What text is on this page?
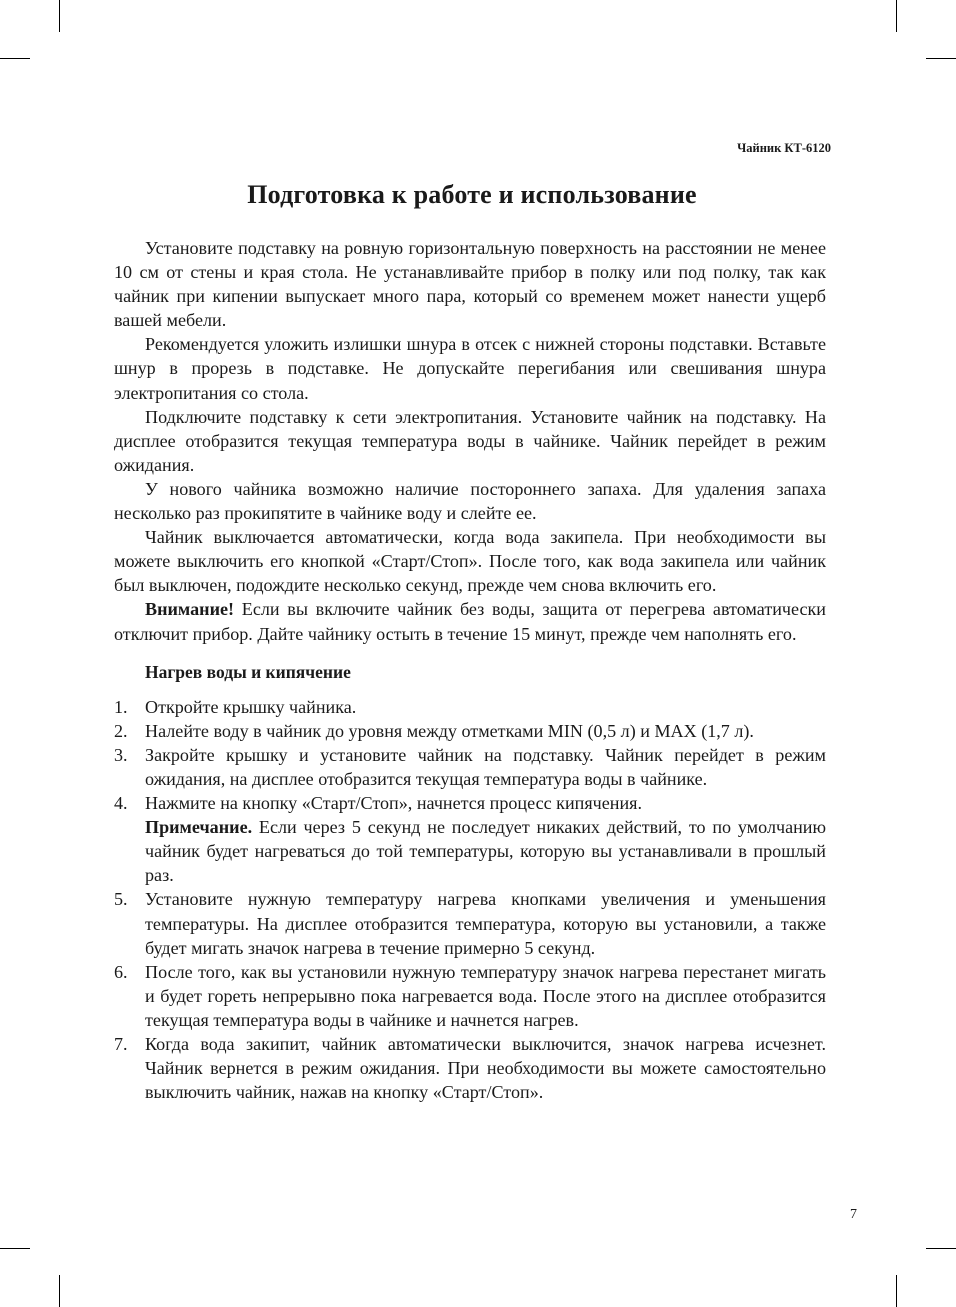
Чайник КТ-6120
Подготовка к работе и использование

Установите подставку на ровную горизонтальную поверхность на расстоянии не менее 10 см от стены и края стола. Не устанавливайте прибор в полку или под полку, так как чайник при кипении выпускает много пара, который со временем может нанести ущерб вашей мебели.

Рекомендуется уложить излишки шнура в отсек с нижней стороны подставки. Вставьте шнур в прорезь в подставке. Не допускайте перегибания или свешивания шнура электропитания со стола.

Подключите подставку к сети электропитания. Установите чайник на подставку. На дисплее отобразится текущая температура воды в чайнике. Чайник перейдет в режим ожидания.

У нового чайника возможно наличие постороннего запаха. Для удаления запаха несколько раз прокипятите в чайнике воду и слейте ее.

Чайник выключается автоматически, когда вода закипела. При необходимости вы можете выключить его кнопкой «Старт/Стоп». После того, как вода закипела или чайник был выключен, подождите несколько секунд, прежде чем снова включить его.

Внимание! Если вы включите чайник без воды, защита от перегрева автоматически отключит прибор. Дайте чайнику остыть в течение 15 минут, прежде чем наполнять его.

Нагрев воды и кипячение
1. Откройте крышку чайника.
2. Налейте воду в чайник до уровня между отметками MIN (0,5 л) и MAX (1,7 л).
3. Закройте крышку и установите чайник на подставку. Чайник перейдет в режим ожидания, на дисплее отобразится текущая температура воды в чайнике.
4. Нажмите на кнопку «Старт/Стоп», начнется процесс кипячения.
Примечание. Если через 5 секунд не последует никаких действий, то по умолчанию чайник будет нагреваться до той температуры, которую вы устанавливали в прошлый раз.
5. Установите нужную температуру нагрева кнопками увеличения и уменьшения температуры. На дисплее отобразится температура, которую вы установили, а также будет мигать значок нагрева в течение примерно 5 секунд.
6. После того, как вы установили нужную температуру значок нагрева перестанет мигать и будет гореть непрерывно пока нагревается вода. После этого на дисплее отобразится текущая температура воды в чайнике и начнется нагрев.
7. Когда вода закипит, чайник автоматически выключится, значок нагрева исчезнет. Чайник вернется в режим ожидания. При необходимости вы можете самостоятельно выключить чайник, нажав на кнопку «Старт/Стоп».
7
